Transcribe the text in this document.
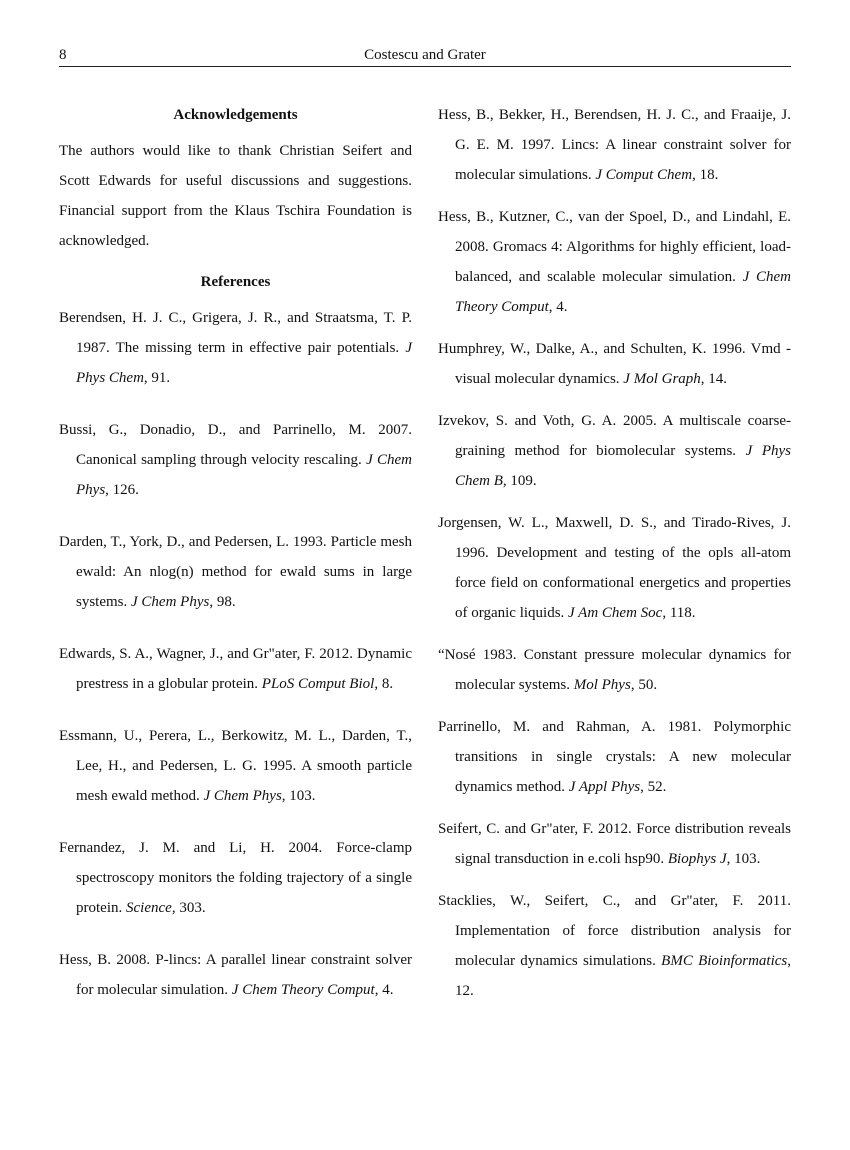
8	Costescu and Grater
Acknowledgements

The authors would like to thank Christian Seifert and Scott Edwards for useful discussions and suggestions. Financial support from the Klaus Tschira Foundation is acknowledged.

References
Berendsen, H. J. C., Grigera, J. R., and Straatsma, T. P. 1987. The missing term in effective pair potentials. J Phys Chem, 91.
Bussi, G., Donadio, D., and Parrinello, M. 2007. Canonical sampling through velocity rescaling. J Chem Phys, 126.
Darden, T., York, D., and Pedersen, L. 1993. Particle mesh ewald: An nlog(n) method for ewald sums in large systems. J Chem Phys, 98.
Edwards, S. A., Wagner, J., and Gr"ater, F. 2012. Dynamic prestress in a globular protein. PLoS Comput Biol, 8.
Essmann, U., Perera, L., Berkowitz, M. L., Darden, T., Lee, H., and Pedersen, L. G. 1995. A smooth particle mesh ewald method. J Chem Phys, 103.
Fernandez, J. M. and Li, H. 2004. Force-clamp spectroscopy monitors the folding trajectory of a single protein. Science, 303.
Hess, B. 2008. P-lincs: A parallel linear constraint solver for molecular simulation. J Chem Theory Comput, 4.
Hess, B., Bekker, H., Berendsen, H. J. C., and Fraaije, J. G. E. M. 1997. Lincs: A linear constraint solver for molecular simulations. J Comput Chem, 18.
Hess, B., Kutzner, C., van der Spoel, D., and Lindahl, E. 2008. Gromacs 4: Algorithms for highly efficient, load-balanced, and scalable molecular simulation. J Chem Theory Comput, 4.
Humphrey, W., Dalke, A., and Schulten, K. 1996. Vmd - visual molecular dynamics. J Mol Graph, 14.
Izvekov, S. and Voth, G. A. 2005. A multiscale coarse-graining method for biomolecular systems. J Phys Chem B, 109.
Jorgensen, W. L., Maxwell, D. S., and Tirado-Rives, J. 1996. Development and testing of the opls all-atom force field on conformational energetics and properties of organic liquids. J Am Chem Soc, 118.
“Nosé 1983. Constant pressure molecular dynamics for molecular systems. Mol Phys, 50.
Parrinello, M. and Rahman, A. 1981. Polymorphic transitions in single crystals: A new molecular dynamics method. J Appl Phys, 52.
Seifert, C. and Gr"ater, F. 2012. Force distribution reveals signal transduction in e.coli hsp90. Biophys J, 103.
Stacklies, W., Seifert, C., and Gr"ater, F. 2011. Implementation of force distribution analysis for molecular dynamics simulations. BMC Bioinformatics, 12.
